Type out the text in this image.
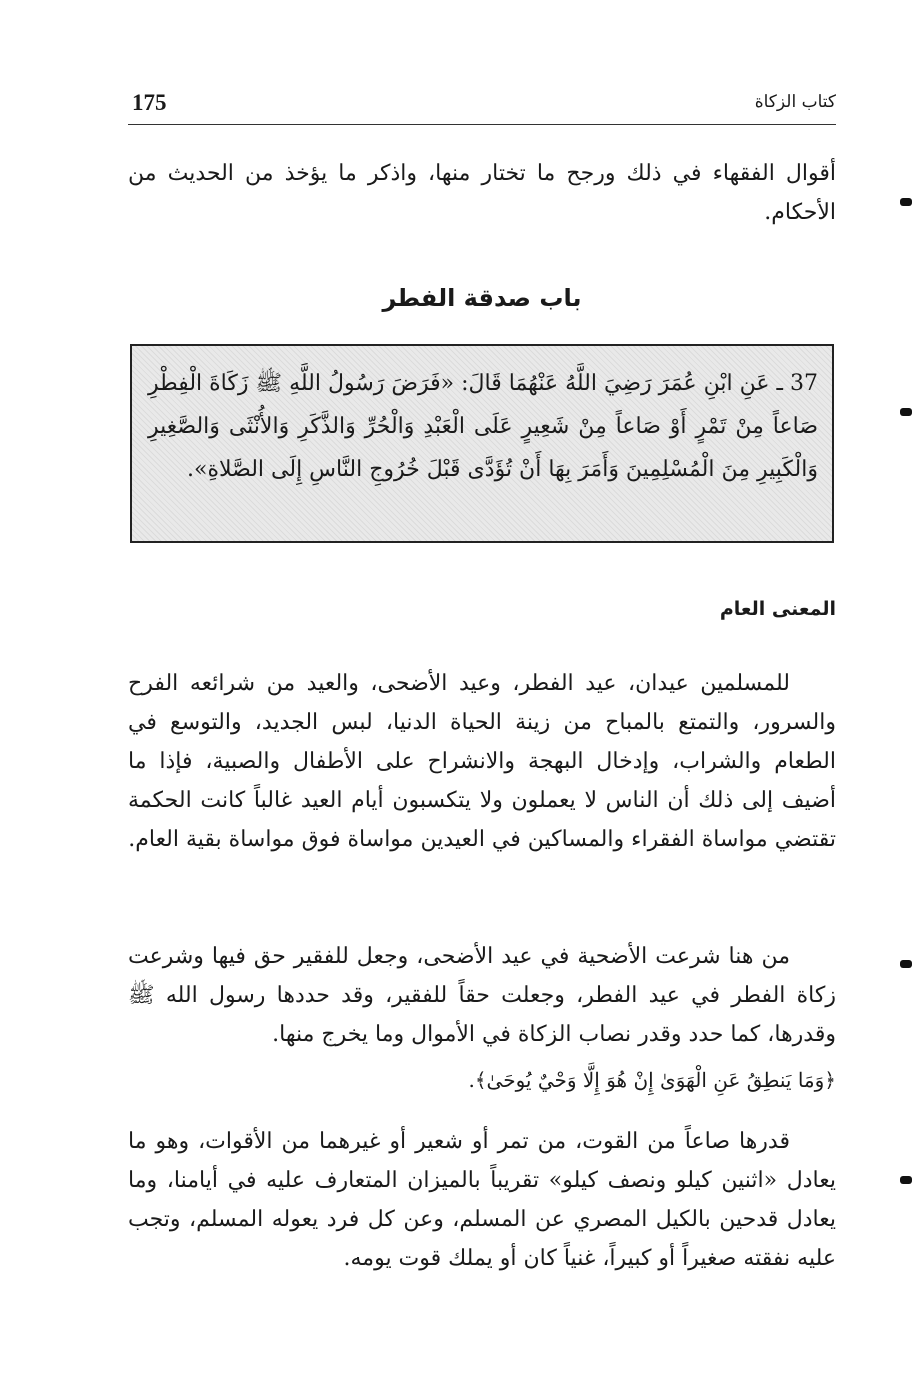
175	كتاب الزكاة

أقوال الفقهاء في ذلك ورجح ما تختار منها، واذكر ما يؤخذ من الحديث من الأحكام.

باب صدقة الفطر

37 ـ عَنِ ابْنِ عُمَرَ رَضِيَ اللَّهُ عَنْهُمَا قَالَ: «فَرَضَ رَسُولُ اللَّهِ ﷺ زَكَاةَ الْفِطْرِ صَاعاً مِنْ تَمْرٍ أَوْ صَاعاً مِنْ شَعِيرٍ عَلَى الْعَبْدِ وَالْحُرِّ وَالذَّكَرِ وَالأُنْثَى وَالصَّغِيرِ وَالْكَبِيرِ مِنَ الْمُسْلِمِينَ وَأَمَرَ بِهَا أَنْ تُؤَدَّى قَبْلَ خُرُوجِ النَّاسِ إِلَى الصَّلاةِ».

المعنى العام

للمسلمين عيدان، عيد الفطر، وعيد الأضحى، والعيد من شرائعه الفرح والسرور، والتمتع بالمباح من زينة الحياة الدنيا، لبس الجديد، والتوسع في الطعام والشراب، وإدخال البهجة والانشراح على الأطفال والصبية، فإذا ما أضيف إلى ذلك أن الناس لا يعملون ولا يتكسبون أيام العيد غالباً كانت الحكمة تقتضي مواساة الفقراء والمساكين في العيدين مواساة فوق مواساة بقية العام.

من هنا شرعت الأضحية في عيد الأضحى، وجعل للفقير حق فيها وشرعت زكاة الفطر في عيد الفطر، وجعلت حقاً للفقير، وقد حددها رسول الله ﷺ وقدرها، كما حدد وقدر نصاب الزكاة في الأموال وما يخرج منها.

﴿وَمَا يَنطِقُ عَنِ الْهَوَىٰ إِنْ هُوَ إِلَّا وَحْيٌ يُوحَىٰ﴾.

قدرها صاعاً من القوت، من تمر أو شعير أو غيرهما من الأقوات، وهو ما يعادل «اثنين كيلو ونصف كيلو» تقريباً بالميزان المتعارف عليه في أيامنا، وما يعادل قدحين بالكيل المصري عن المسلم، وعن كل فرد يعوله المسلم، وتجب عليه نفقته صغيراً أو كبيراً، غنياً كان أو يملك قوت يومه.
